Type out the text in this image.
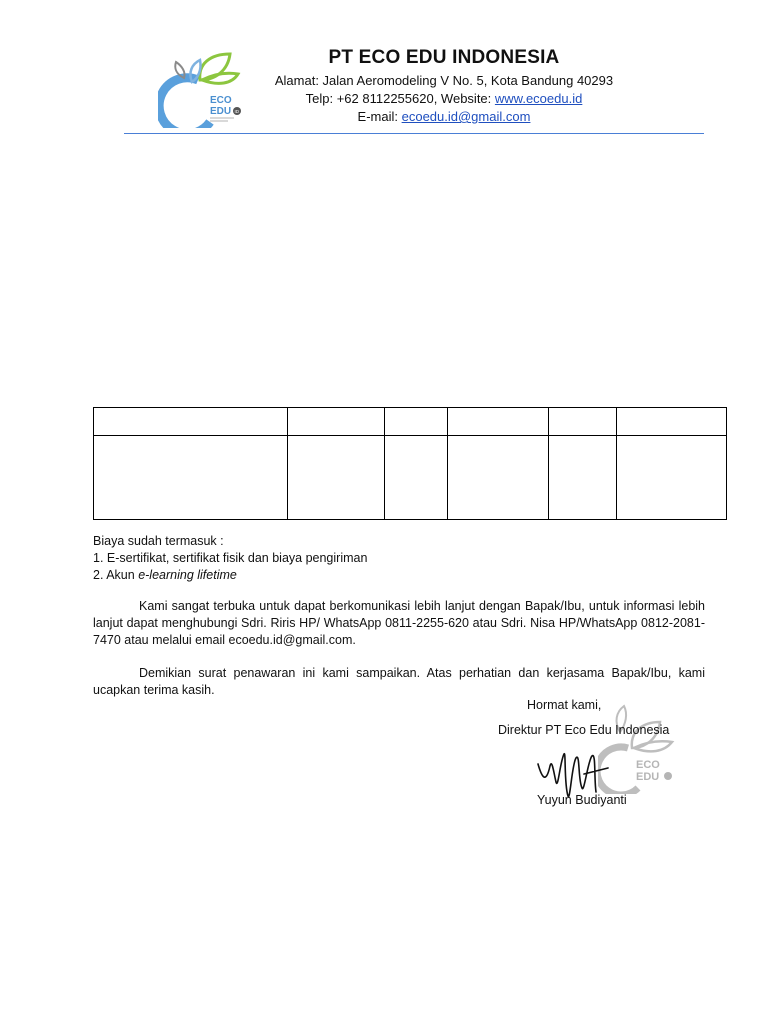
ECO
EDU ID
PT ECO EDU INDONESIA
Alamat: Jalan Aeromodeling V No. 5, Kota Bandung 40293
Telp: +62 8112255620, Website: www.ecoedu.id
E-mail: ecoedu.id@gmail.com

Biaya sudah termasuk :

1. E-sertifikat, sertifikat fisik dan biaya pengiriman

2. Akun e-learning lifetime

Kami sangat terbuka untuk dapat berkomunikasi lebih lanjut dengan Bapak/Ibu, untuk informasi lebih lanjut dapat menghubungi Sdri. Riris HP/ WhatsApp 0811-2255-620 atau Sdri. Nisa HP/WhatsApp 0812-2081-7470 atau melalui email ecoedu.id@gmail.com.

Demikian surat penawaran ini kami sampaikan. Atas perhatian dan kerjasama Bapak/Ibu, kami ucapkan terima kasih.

ECO
EDU
Hormat kami,
Direktur PT Eco Edu Indonesia
Yuyun Budiyanti
